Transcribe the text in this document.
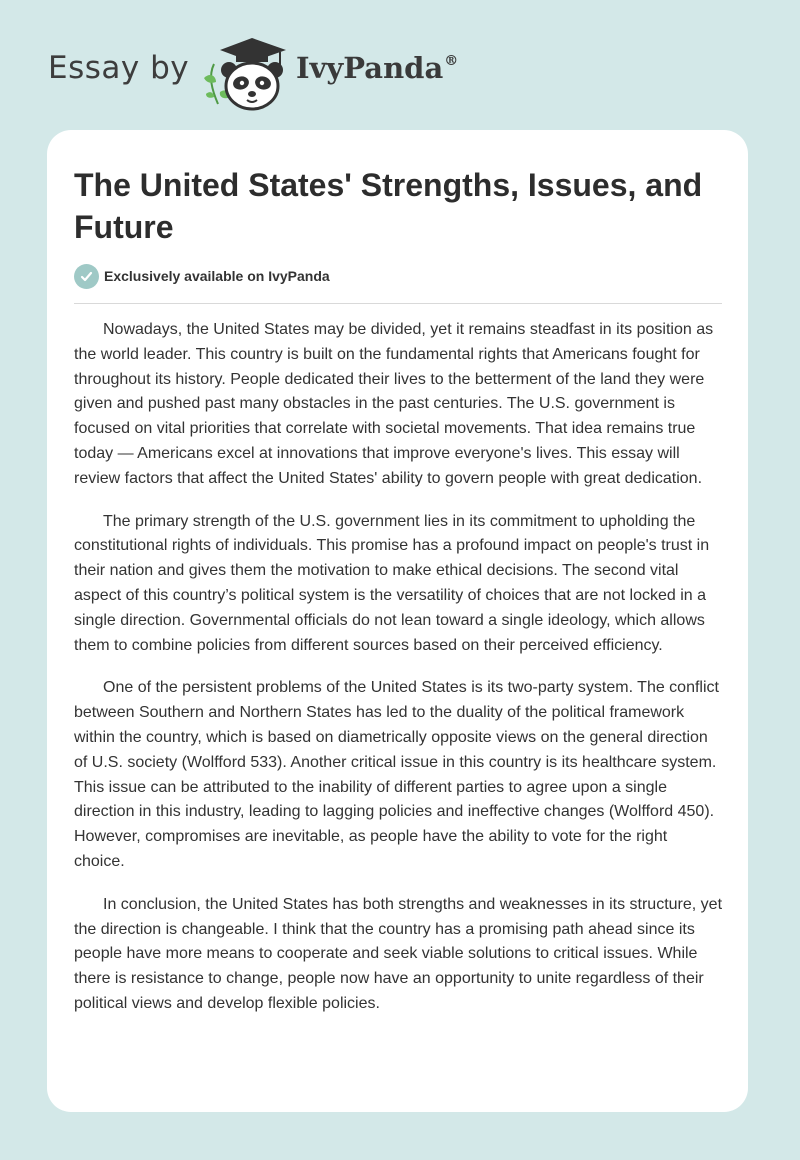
Essay by	IvyPanda®
The United States' Strengths, Issues, and Future
Exclusively available on IvyPanda

Nowadays, the United States may be divided, yet it remains steadfast in its position as the world leader. This country is built on the fundamental rights that Americans fought for throughout its history. People dedicated their lives to the betterment of the land they were given and pushed past many obstacles in the past centuries. The U.S. government is focused on vital priorities that correlate with societal movements. That idea remains true today — Americans excel at innovations that improve everyone's lives. This essay will review factors that affect the United States' ability to govern people with great dedication.

The primary strength of the U.S. government lies in its commitment to upholding the constitutional rights of individuals. This promise has a profound impact on people's trust in their nation and gives them the motivation to make ethical decisions. The second vital aspect of this country’s political system is the versatility of choices that are not locked in a single direction. Governmental officials do not lean toward a single ideology, which allows them to combine policies from different sources based on their perceived efficiency.

One of the persistent problems of the United States is its two-party system. The conflict between Southern and Northern States has led to the duality of the political framework within the country, which is based on diametrically opposite views on the general direction of U.S. society (Wolfford 533). Another critical issue in this country is its healthcare system. This issue can be attributed to the inability of different parties to agree upon a single direction in this industry, leading to lagging policies and ineffective changes (Wolfford 450). However, compromises are inevitable, as people have the ability to vote for the right choice.

In conclusion, the United States has both strengths and weaknesses in its structure, yet the direction is changeable. I think that the country has a promising path ahead since its people have more means to cooperate and seek viable solutions to critical issues. While there is resistance to change, people now have an opportunity to unite regardless of their political views and develop flexible policies.
